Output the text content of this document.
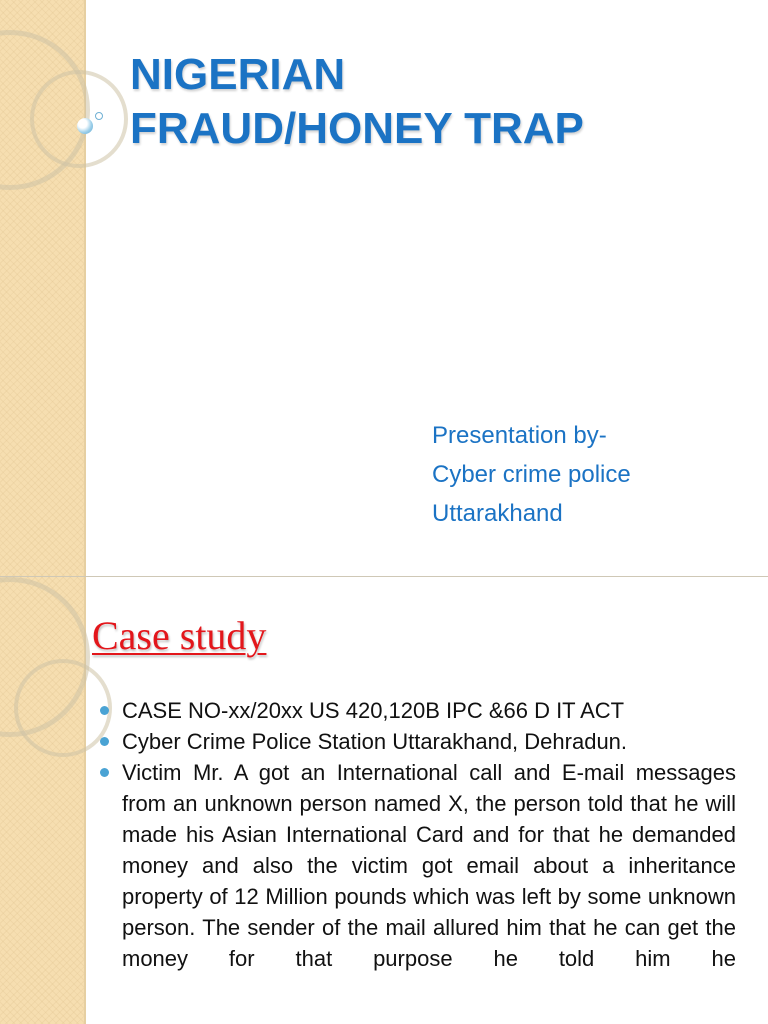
NIGERIAN
FRAUD/HONEY TRAP
Presentation by-
Cyber crime police
Uttarakhand
Case study
CASE NO-xx/20xx US 420,120B IPC &66 D IT ACT
Cyber Crime Police Station Uttarakhand, Dehradun.
Victim Mr. A got an International call and E-mail messages from an unknown person named X, the person told that he will made his Asian International Card and for that he demanded money and also the victim got email about a inheritance property of 12 Million pounds which was left by some unknown person. The sender of the mail allured him that he can get the money for that purpose he told him he
